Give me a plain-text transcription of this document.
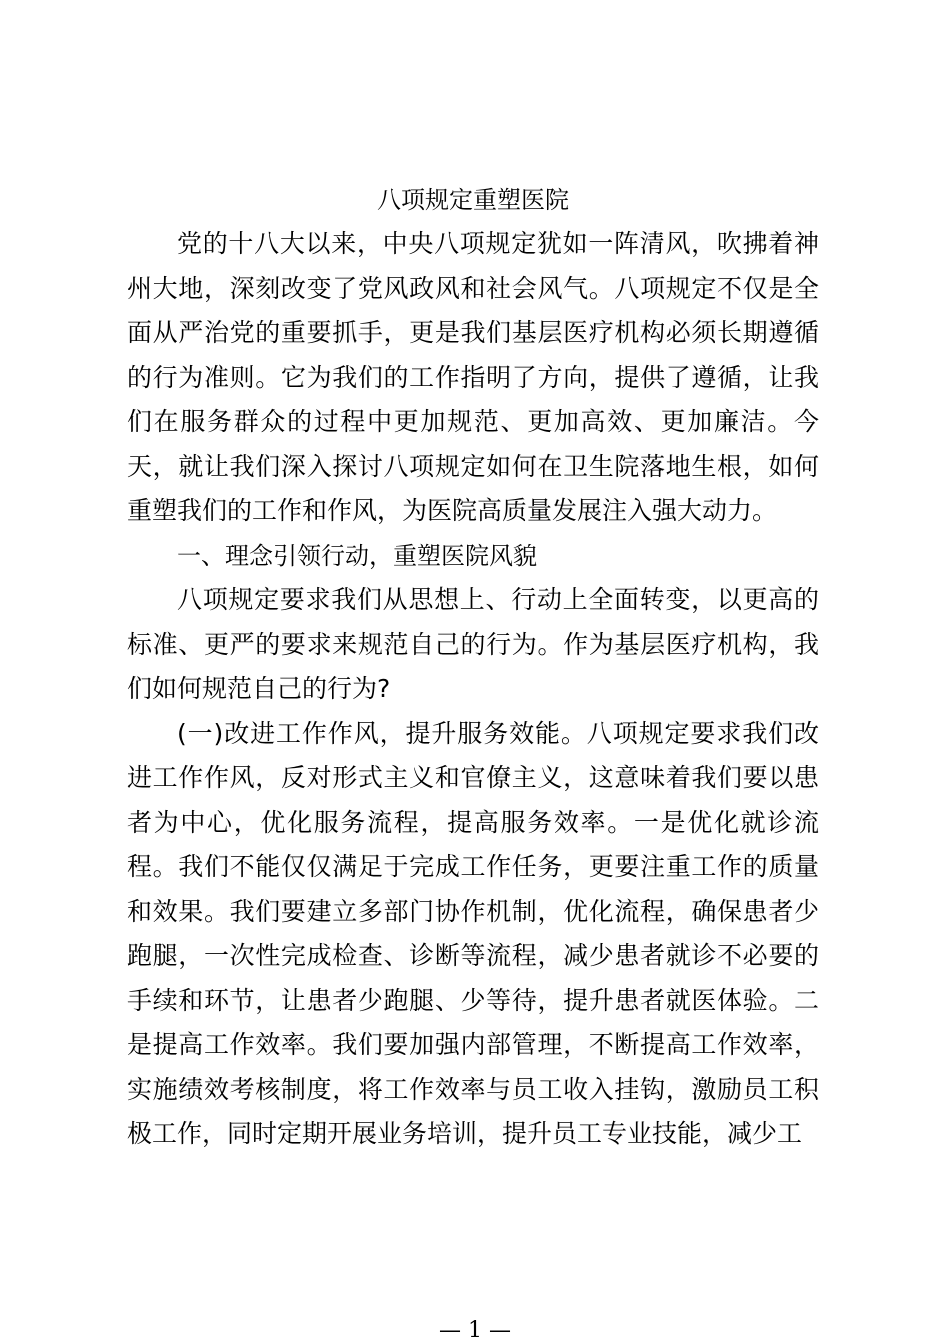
八项规定重塑医院

党的十八大以来，中央八项规定犹如一阵清风，吹拂着神州大地，深刻改变了党风政风和社会风气。八项规定不仅是全面从严治党的重要抓手，更是我们基层医疗机构必须长期遵循的行为准则。它为我们的工作指明了方向，提供了遵循，让我们在服务群众的过程中更加规范、更加高效、更加廉洁。今天，就让我们深入探讨八项规定如何在卫生院落地生根，如何重塑我们的工作和作风，为医院高质量发展注入强大动力。

一、理念引领行动，重塑医院风貌

八项规定要求我们从思想上、行动上全面转变，以更高的标准、更严的要求来规范自己的行为。作为基层医疗机构，我们如何规范自己的行为?

(一)改进工作作风，提升服务效能。八项规定要求我们改进工作作风，反对形式主义和官僚主义，这意味着我们要以患者为中心，优化服务流程，提高服务效率。一是优化就诊流程。我们不能仅仅满足于完成工作任务，更要注重工作的质量和效果。我们要建立多部门协作机制，优化流程，确保患者少跑腿，一次性完成检查、诊断等流程，减少患者就诊不必要的手续和环节，让患者少跑腿、少等待，提升患者就医体验。二是提高工作效率。我们要加强内部管理，不断提高工作效率，实施绩效考核制度，将工作效率与员工收入挂钩，激励员工积极工作，同时定期开展业务培训，提升员工专业技能，减少工

— 1 —
